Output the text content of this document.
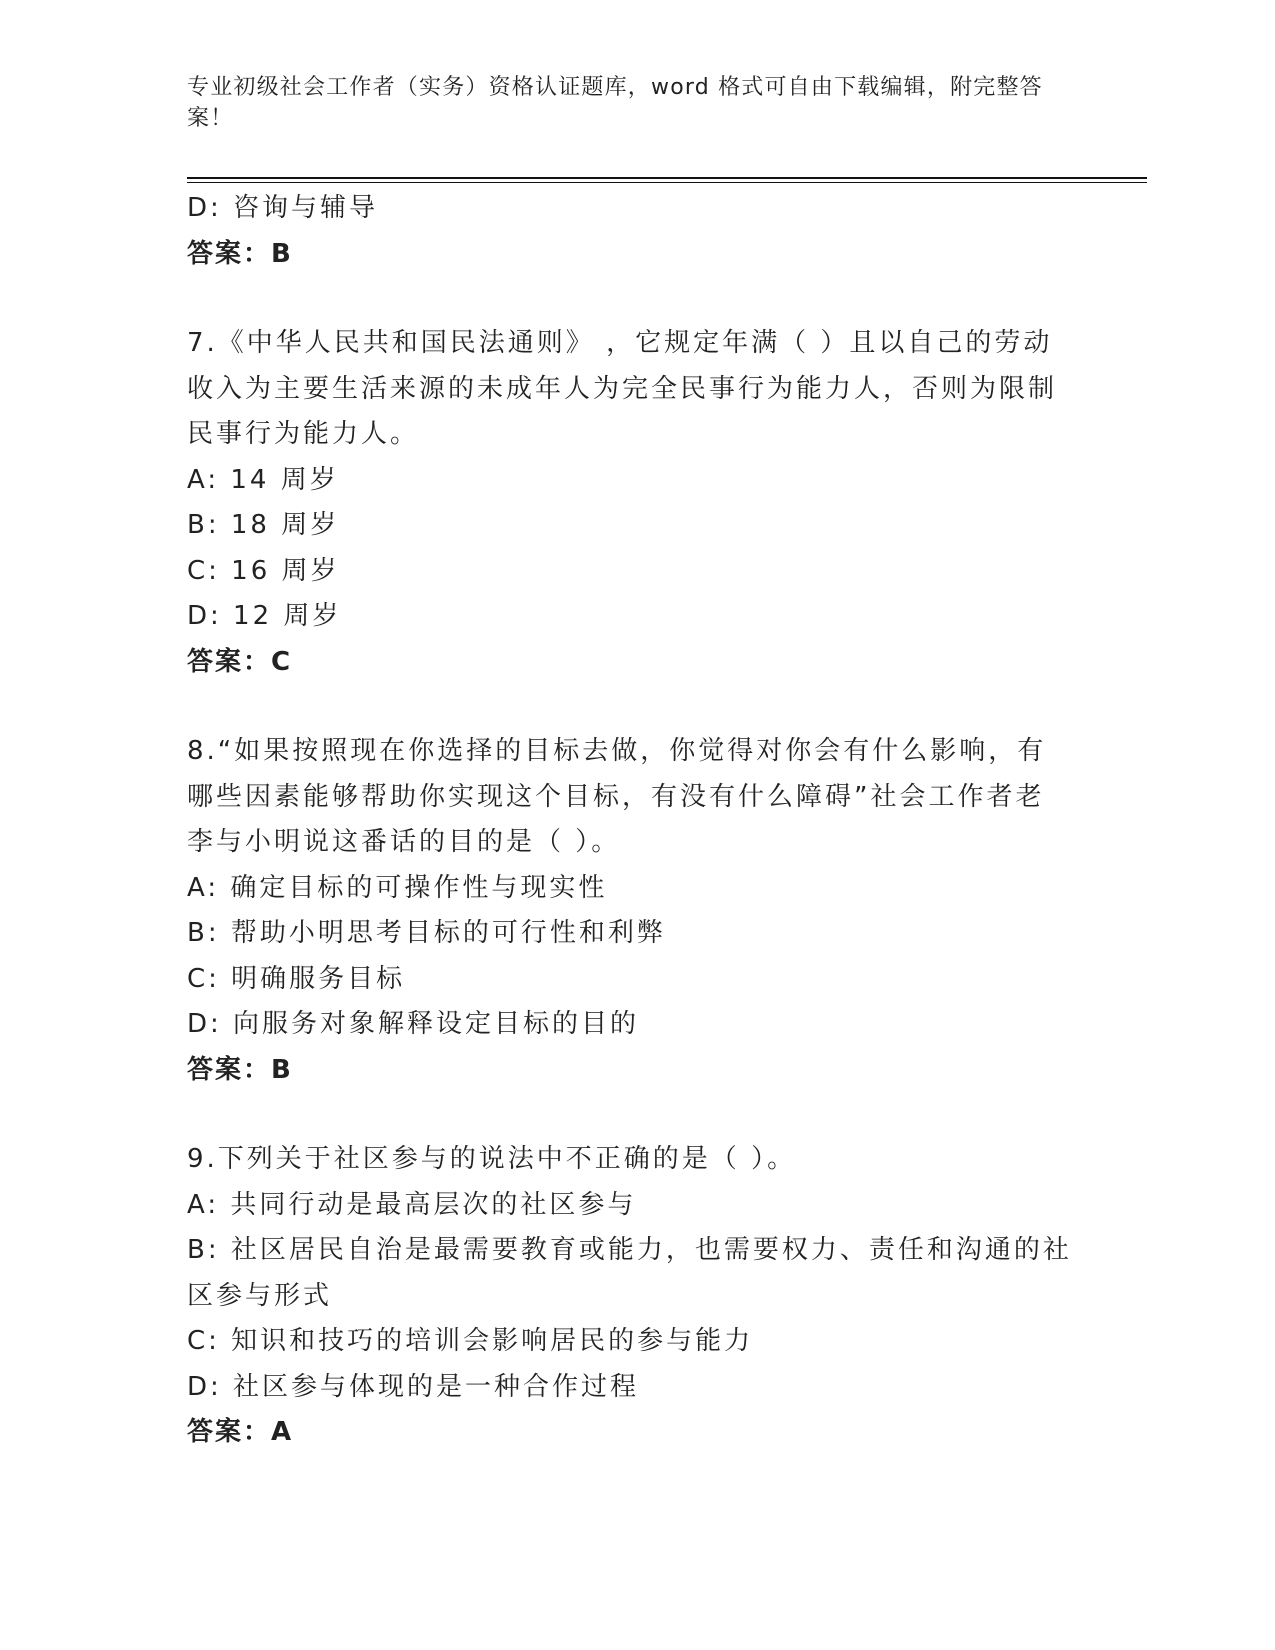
专业初级社会工作者（实务）资格认证题库，word 格式可自由下载编辑，附完整答案！
D: 咨询与辅导
答案：B
7.《中华人民共和国民法通则》 ，它规定年满（ ）且以自己的劳动
收入为主要生活来源的未成年人为完全民事行为能力人，否则为限制
民事行为能力人。
A: 14 周岁
B: 18 周岁
C: 16 周岁
D: 12 周岁
答案：C
8.“如果按照现在你选择的目标去做，你觉得对你会有什么影响，有
哪些因素能够帮助你实现这个目标，有没有什么障碍”社会工作者老
李与小明说这番话的目的是（ ）。
A: 确定目标的可操作性与现实性
B: 帮助小明思考目标的可行性和利弊
C: 明确服务目标
D: 向服务对象解释设定目标的目的
答案：B
9.下列关于社区参与的说法中不正确的是（ ）。
A: 共同行动是最高层次的社区参与
B: 社区居民自治是最需要教育或能力，也需要权力、责任和沟通的社
区参与形式
C: 知识和技巧的培训会影响居民的参与能力
D: 社区参与体现的是一种合作过程
答案：A
